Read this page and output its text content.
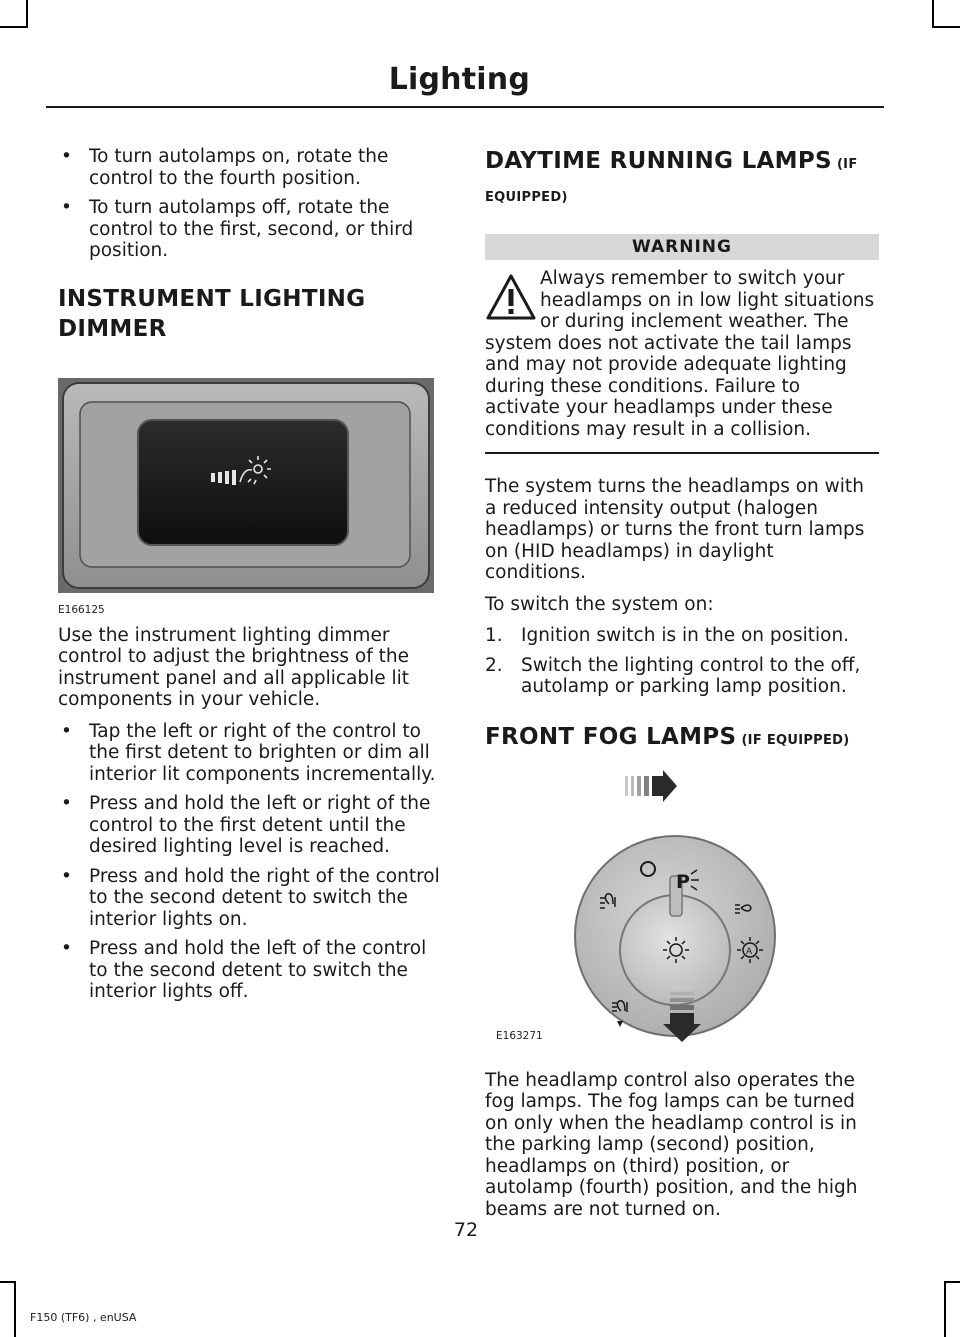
Lighting
• To turn autolamps on, rotate the control to the fourth position.
• To turn autolamps off, rotate the control to the first, second, or third position.
INSTRUMENT LIGHTING
DIMMER
E166125
Use the instrument lighting dimmer control to adjust the brightness of the instrument panel and all applicable lit components in your vehicle.
• Tap the left or right of the control to the first detent to brighten or dim all interior lit components incrementally.
• Press and hold the left or right of the control to the first detent until the desired lighting level is reached.
• Press and hold the right of the control to the second detent to switch the interior lights on.
• Press and hold the left of the control to the second detent to switch the interior lights off.
DAYTIME RUNNING LAMPS (IF
EQUIPPED)
WARNING
Always remember to switch your headlamps on in low light situations or during inclement weather. The system does not activate the tail lamps and may not provide adequate lighting during these conditions. Failure to activate your headlamps under these conditions may result in a collision.
The system turns the headlamps on with a reduced intensity output (halogen headlamps) or turns the front turn lamps on (HID headlamps) in daylight conditions.
To switch the system on:
1. Ignition switch is in the on position.
2. Switch the lighting control to the off, autolamp or parking lamp position.
FRONT FOG LAMPS (IF EQUIPPED)
P
A
E163271
The headlamp control also operates the fog lamps. The fog lamps can be turned on only when the headlamp control is in the parking lamp (second) position, headlamps on (third) position, or autolamp (fourth) position, and the high beams are not turned on.
72
F150 (TF6) , enUSA
